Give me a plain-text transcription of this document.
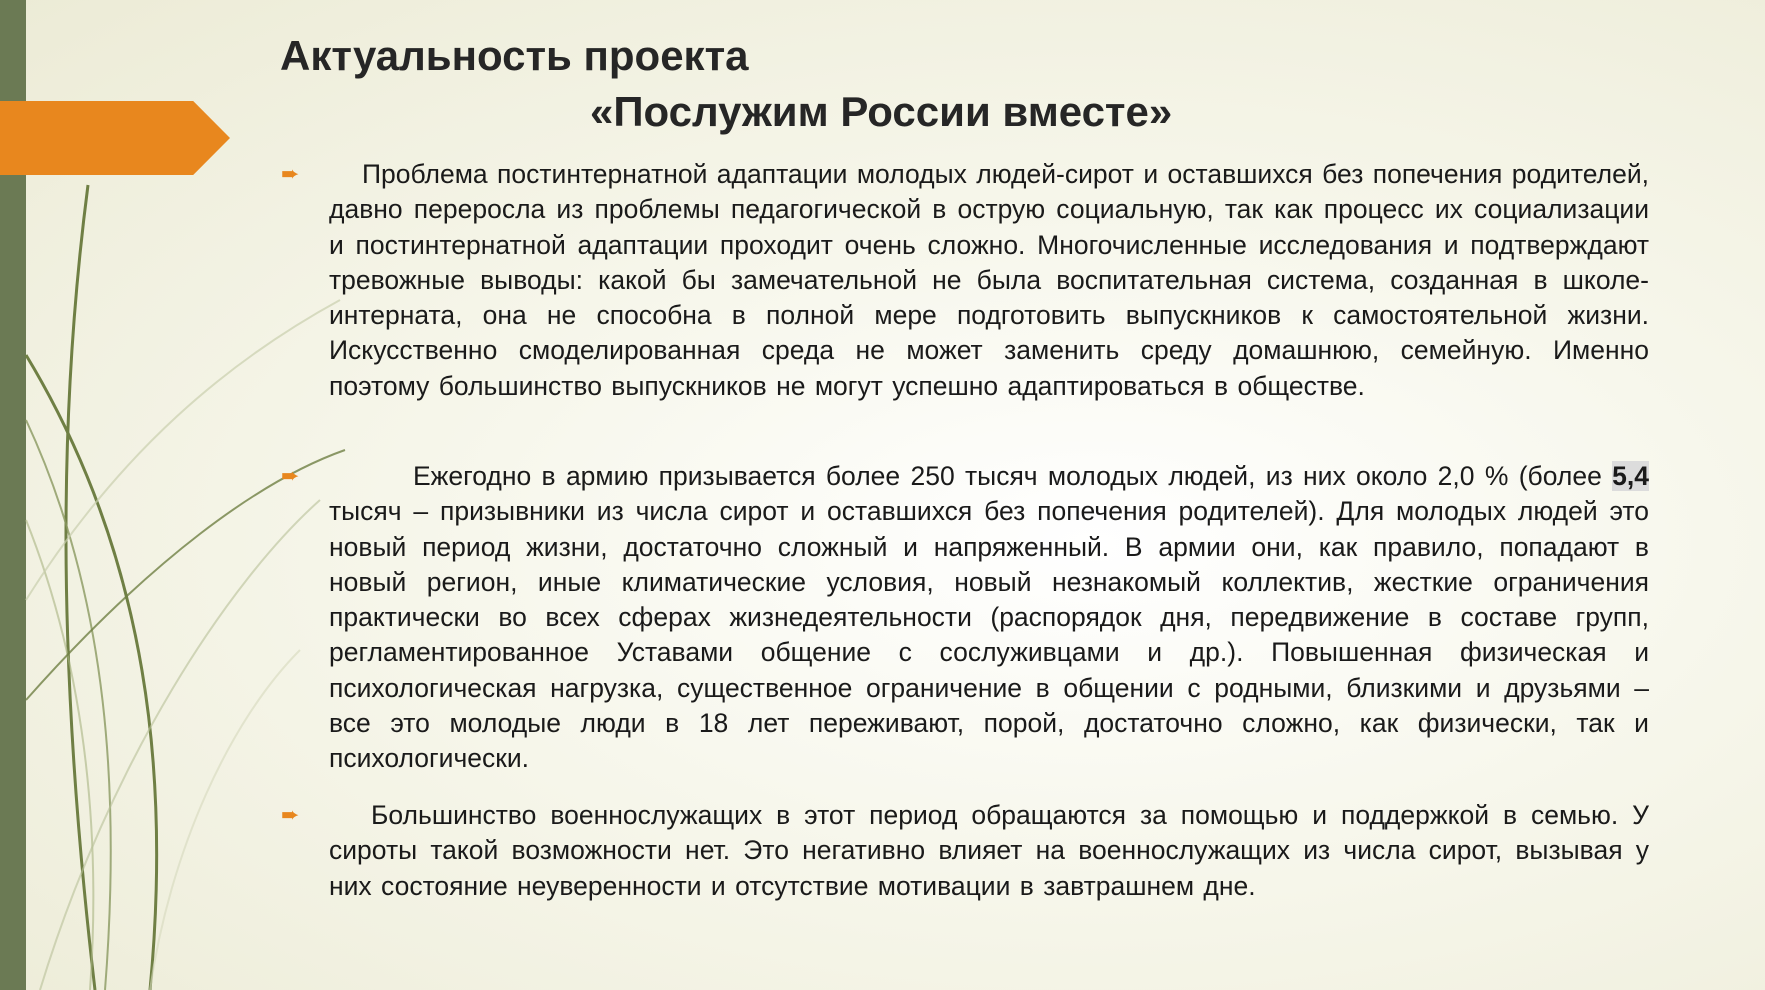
Актуальность проекта
«Послужим России вместе»
➨	Проблема постинтернатной адаптации молодых людей-сирот и оставшихся без попечения родителей, давно переросла из проблемы педагогической в острую социальную, так как процесс их социализации и постинтернатной адаптации проходит очень сложно. Многочисленные исследования и подтверждают тревожные выводы: какой бы замечательной не была воспитательная система, созданная в школе-интерната, она не способна в полной мере подготовить выпускников к самостоятельной жизни. Искусственно смоделированная среда не может заменить среду домашнюю, семейную. Именно поэтому большинство выпускников не могут успешно адаптироваться в обществе.
➨	Ежегодно в армию призывается более 250 тысяч молодых людей, из них около 2,0 % (более 5,4 тысяч – призывники из числа сирот и оставшихся без попечения родителей). Для молодых людей это новый период жизни, достаточно сложный и напряженный. В армии они, как правило, попадают в новый регион, иные климатические условия, новый незнакомый коллектив, жесткие ограничения практически во всех сферах жизнедеятельности (распорядок дня, передвижение в составе групп, регламентированное Уставами общение с сослуживцами и др.). Повышенная физическая и психологическая нагрузка, существенное ограничение в общении с родными, близкими и друзьями – все это молодые люди в 18 лет переживают, порой, достаточно сложно, как физически, так и психологически.
➨	Большинство военнослужащих в этот период обращаются за помощью и поддержкой в семью. У сироты такой возможности нет. Это негативно влияет на военнослужащих из числа сирот, вызывая у них состояние неуверенности и отсутствие мотивации в завтрашнем дне.
